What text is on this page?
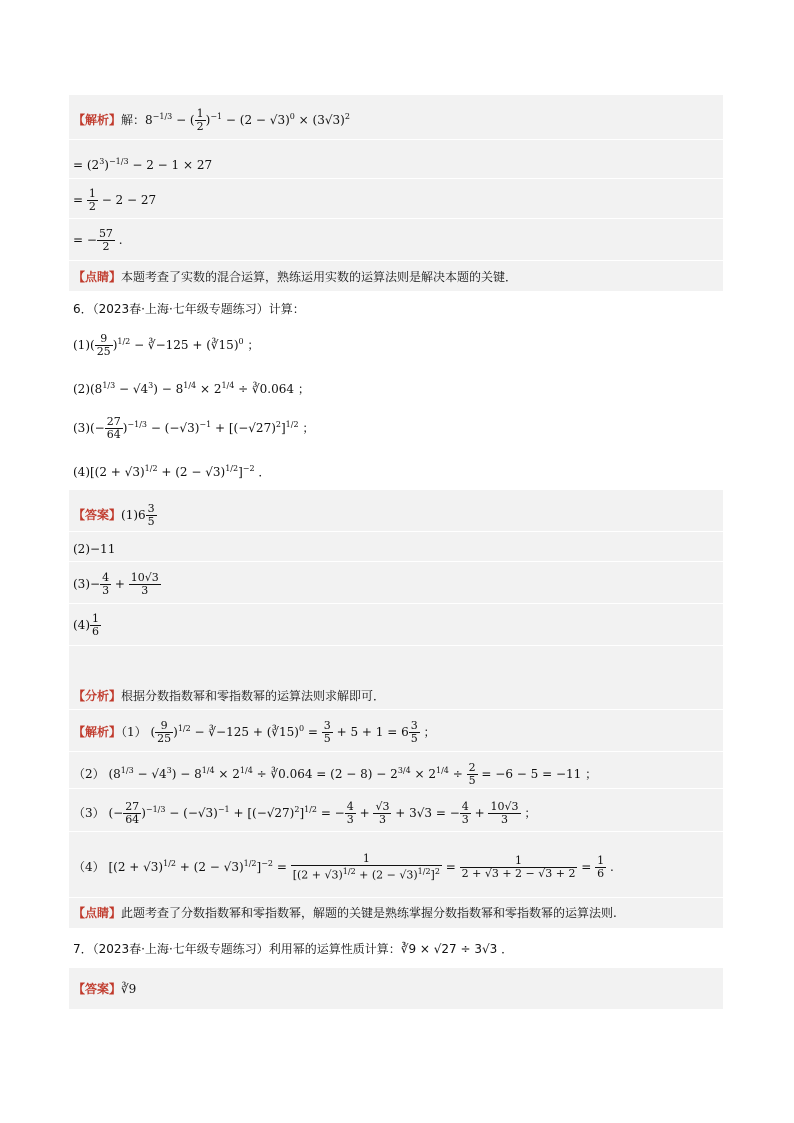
【解析】解：$8^{-1/3}$ − ( $\frac{1}{2} )^{-1} - (2 - √3)^0 \times (3√3)^2$
= $(2^3)^{-1/3} - 2 - 1 \times 27$
= $\frac{1}{2} - 2 - 27$
= − $\frac{57}{2}$ .
【点睛】本题考查了实数的混合运算，熟练运用实数的运算法则是解决本题的关键．
6．（2023春·上海·七年级专题练习）计算：
$(1)( \frac{9}{25} )^{1/2}$ − ∛−125 + (∛15)$^0$ ；
$(2)(8^{1/3} - √4^3) - 8^{1/4} \times 2^{1/4}$ ÷ ∛0.064 ；
$(3)(- \frac{27}{64} )^{-1/3} - (-√3)^{-1} + [(-√27)^2]^{1/2}$ ；
$(4)[(2 + √3)^{1/2} + (2 - √3)^{1/2}]^{-2}$ ．
【答案】$(1)6 \frac{3}{5}$
(2)−11
$(3)- \frac{4}{3} + \frac{10√3}{3}$
$(4) \frac{1}{6}$
【分析】根据分数指数幂和零指数幂的运算法则求解即可．
【解析】（1） ( $\frac{9}{25} )^{1/2}$ − ∛−125 + (∛15)$^0$ = $\frac{3}{5} + 5 + 1 = 6 \frac{3}{5}$ ；
（2） $(8^{1/3} - √4^3) - 8^{1/4} \times 2^{1/4}$ ÷ ∛0.064 = $(2 - 8) - 2^{3/4} \times 2^{1/4} \div \frac{2}{5} = -6 - 5 = -11$ ；
（3） (− $\frac{27}{64} )^{-1/3} - (-√3)^{-1} + [(-√27)^2]^{1/2}$ = − $\frac{4}{3} + \frac{√3}{3} + 3√3$ = − $\frac{4}{3} + \frac{10√3}{3}$ ；
（4） $[(2 + √3)^{1/2} + (2 - √3)^{1/2}]^{-2} = \frac{1}{[(2 + √3)^{1/2} + (2 - √3)^{1/2}]^2} = \frac{1}{2 + √3 + 2 - √3 + 2} = \frac{1}{6}$ .
【点睛】此题考查了分数指数幂和零指数幂，解题的关键是熟练掌握分数指数幂和零指数幂的运算法则.
7．（2023春·上海·七年级专题练习）利用幂的运算性质计算：∛9 × √27 ÷ 3√3 ．
【答案】∛9
